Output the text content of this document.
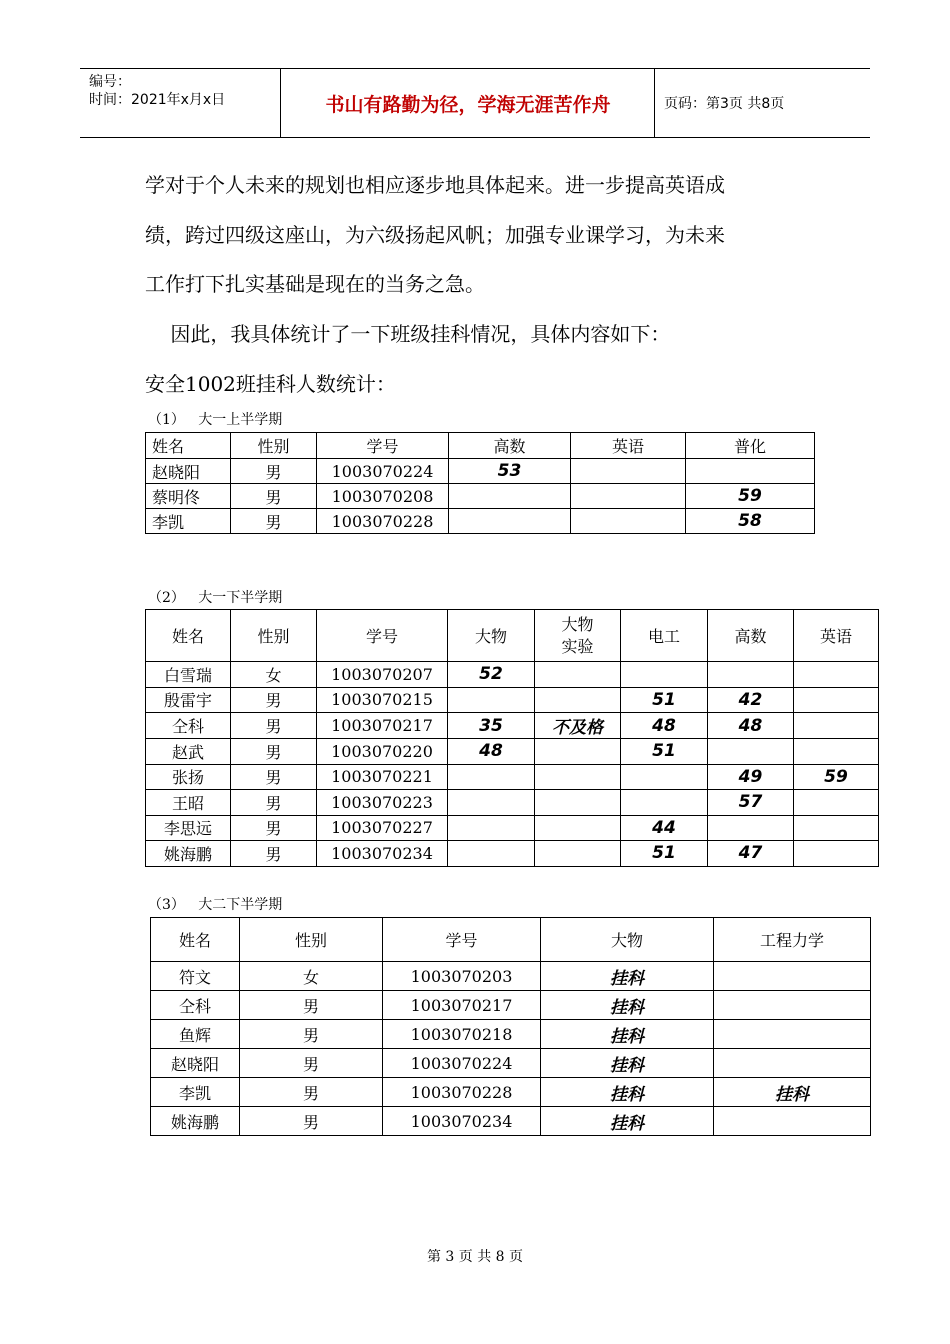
编号：
时间：2021年x月x日	书山有路勤为径，学海无涯苦作舟	页码：第3页 共8页
学对于个人未来的规划也相应逐步地具体起来。进一步提高英语成
绩，跨过四级这座山，为六级扬起风帆；加强专业课学习，为未来
工作打下扎实基础是现在的当务之急。
因此，我具体统计了一下班级挂科情况，具体内容如下：
安全1002班挂科人数统计：
（1）   大一上半学期
姓名	性别	学号	高数	英语	普化
赵晓阳	男	1003070224	53		
蔡明佟	男	1003070208			59
李凯	男	1003070228			58
（2）   大一下半学期
姓名	性别	学号	大物	大物实验	电工	高数	英语
白雪瑞	女	1003070207	52				
殷雷宇	男	1003070215			51	42	
仝科	男	1003070217	35	不及格	48	48	
赵武	男	1003070220	48		51		
张扬	男	1003070221				49	59
王昭	男	1003070223				57	
李思远	男	1003070227			44		
姚海鹏	男	1003070234			51	47	
（3）   大二下半学期
姓名	性别	学号	大物	工程力学
符文	女	1003070203	挂科	
仝科	男	1003070217	挂科	
鱼辉	男	1003070218	挂科	
赵晓阳	男	1003070224	挂科	
李凯	男	1003070228	挂科	挂科
姚海鹏	男	1003070234	挂科	
第 3 页 共 8 页
